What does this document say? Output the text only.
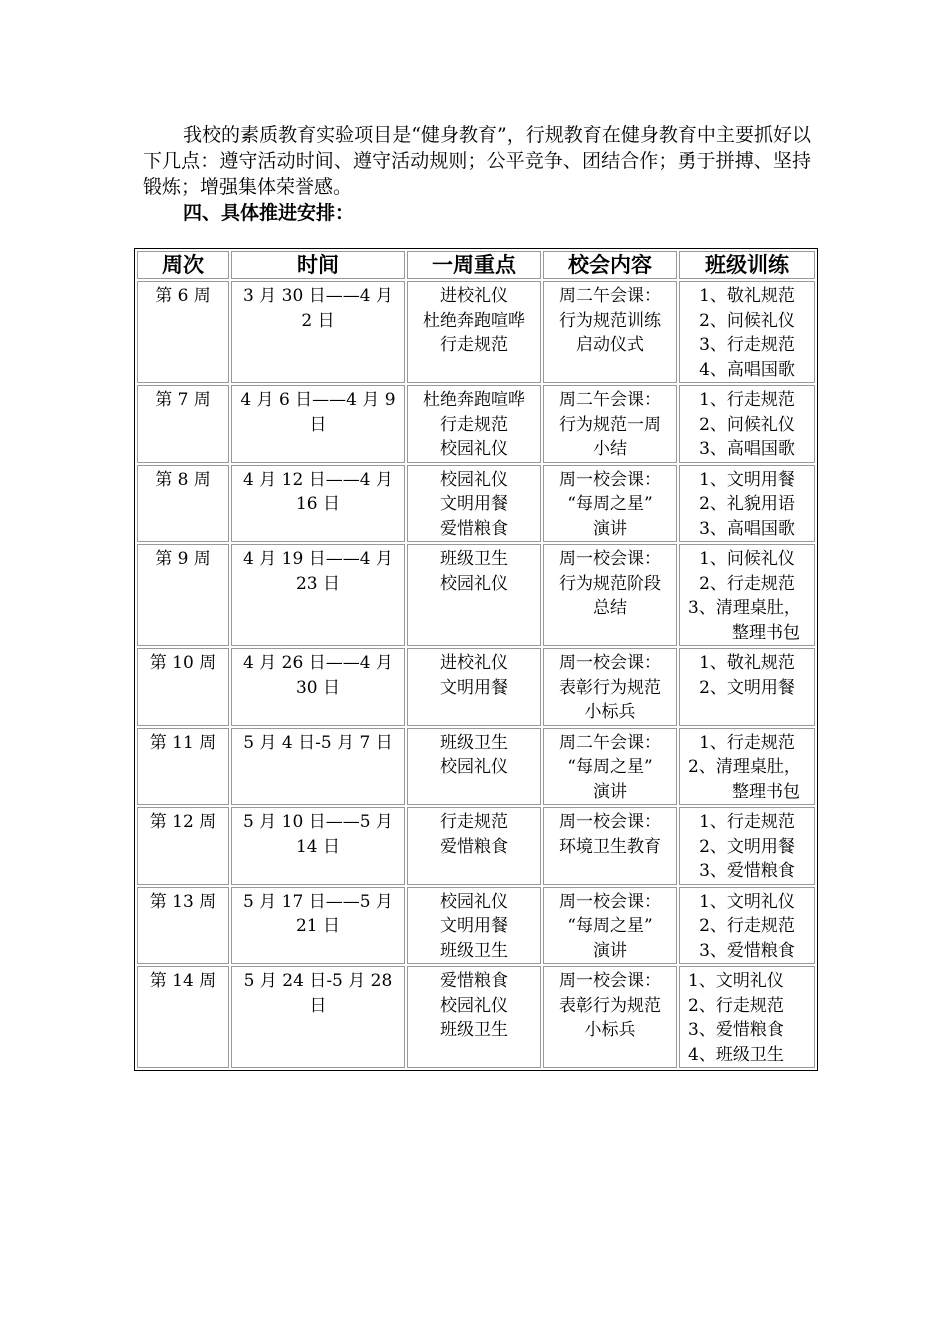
我校的素质教育实验项目是“健身教育”，行规教育在健身教育中主要抓好以下几点：遵守活动时间、遵守活动规则；公平竞争、团结合作；勇于拼搏、坚持锻炼；增强集体荣誉感。

四、具体推进安排：

周次	时间	一周重点	校会内容	班级训练
第 6 周	3 月 30 日——4 月
2 日	进校礼仪
杜绝奔跑喧哗
行走规范	周二午会课：
行为规范训练
启动仪式	1、敬礼规范
2、问候礼仪
3、行走规范
4、高唱国歌

第 7 周	4 月 6 日——4 月 9
日	杜绝奔跑喧哗
行走规范
校园礼仪	周二午会课：
行为规范一周
小结	1、行走规范
2、问候礼仪
3、高唱国歌

第 8 周	4 月 12 日——4 月
16 日	校园礼仪
文明用餐
爱惜粮食	周一校会课：
“每周之星”
演讲	1、文明用餐
2、礼貌用语
3、高唱国歌

第 9 周	4 月 19 日——4 月
23 日	班级卫生
校园礼仪	周一校会课：
行为规范阶段
总结	1、问候礼仪
2、行走规范
3、清理桌肚，
整理书包

第 10 周	4 月 26 日——4 月
30 日	进校礼仪
文明用餐	周一校会课：
表彰行为规范
小标兵	1、敬礼规范
2、文明用餐

第 11 周	5 月 4 日-5 月 7 日	班级卫生
校园礼仪	周二午会课：
“每周之星”
演讲	1、行走规范
2、清理桌肚，
整理书包

第 12 周	5 月 10 日——5 月
14 日	行走规范
爱惜粮食	周一校会课：
环境卫生教育	1、行走规范
2、文明用餐
3、爱惜粮食

第 13 周	5 月 17 日——5 月
21 日	校园礼仪
文明用餐
班级卫生	周一校会课：
“每周之星”
演讲	1、文明礼仪
2、行走规范
3、爱惜粮食

第 14 周	5 月 24 日-5 月 28
日	爱惜粮食
校园礼仪
班级卫生	周一校会课：
表彰行为规范
小标兵	1、文明礼仪
2、行走规范
3、爱惜粮食
4、班级卫生
